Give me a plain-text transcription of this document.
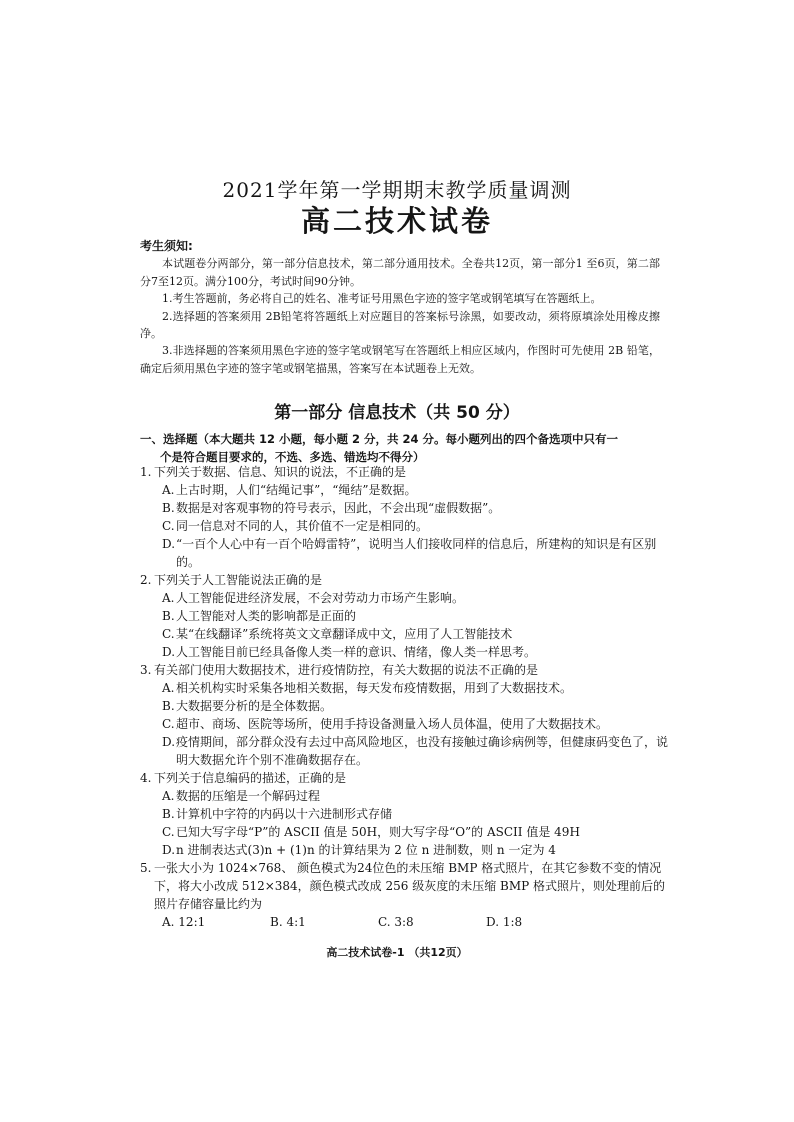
2021学年第一学期期末教学质量调测
高二技术试卷
考生须知:

本试题卷分两部分，第一部分信息技术，第二部分通用技术。全卷共12页，第一部分1 至6页，第二部分7至12页。满分100分，考试时间90分钟。

1.考生答题前，务必将自己的姓名、准考证号用黑色字迹的签字笔或钢笔填写在答题纸上。

2.选择题的答案须用 2B铅笔将答题纸上对应题目的答案标号涂黑，如要改动，须将原填涂处用橡皮擦净。

3.非选择题的答案须用黑色字迹的签字笔或钢笔写在答题纸上相应区域内，作图时可先使用 2B 铅笔，确定后须用黑色字迹的签字笔或钢笔描黑，答案写在本试题卷上无效。

第一部分 信息技术（共 50 分）
一、选择题（本大题共 12 小题，每小题 2 分，共 24 分。每小题列出的四个备选项中只有一
个是符合题目要求的，不选、多选、错选均不得分）
1. 下列关于数据、信息、知识的说法，不正确的是
A. 上古时期，人们“结绳记事”，“绳结”是数据。
B. 数据是对客观事物的符号表示，因此，不会出现“虚假数据”。
C. 同一信息对不同的人，其价值不一定是相同的。
D. “一百个人心中有一百个哈姆雷特”，说明当人们接收同样的信息后，所建构的知识是有区别的。
2. 下列关于人工智能说法正确的是
A. 人工智能促进经济发展，不会对劳动力市场产生影响。
B. 人工智能对人类的影响都是正面的
C. 某“在线翻译”系统将英文文章翻译成中文，应用了人工智能技术
D. 人工智能目前已经具备像人类一样的意识、情绪，像人类一样思考。
3. 有关部门使用大数据技术，进行疫情防控，有关大数据的说法不正确的是
A. 相关机构实时采集各地相关数据，每天发布疫情数据，用到了大数据技术。
B. 大数据要分析的是全体数据。
C. 超市、商场、医院等场所，使用手持设备测量入场人员体温，使用了大数据技术。
D. 疫情期间，部分群众没有去过中高风险地区，也没有接触过确诊病例等，但健康码变色了，说明大数据允许个别不准确数据存在。
4. 下列关于信息编码的描述，正确的是
A. 数据的压缩是一个解码过程
B. 计算机中字符的内码以十六进制形式存储
C. 已知大写字母“P”的 ASCII 值是 50H，则大写字母“O”的 ASCII 值是 49H
D. n 进制表达式(3)n + (1)n 的计算结果为 2 位 n 进制数，则 n 一定为 4
5. 一张大小为 1024×768、 颜色模式为24位色的未压缩 BMP 格式照片，在其它参数不变的情况下，将大小改成 512×384，颜色模式改成 256 级灰度的未压缩 BMP 格式照片，则处理前后的照片存储容量比约为
A. 12:1	B. 4:1	C. 3:8	D. 1:8
高二技术试卷-1 （共12页）
